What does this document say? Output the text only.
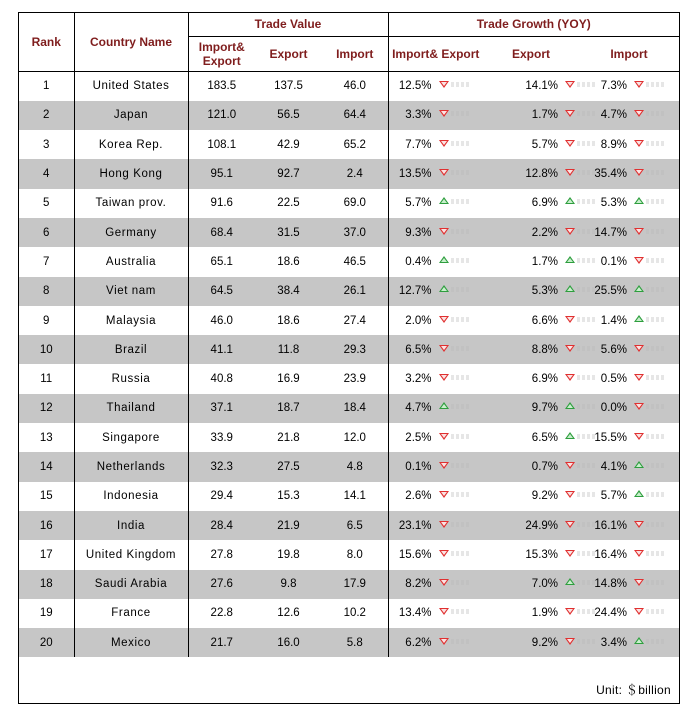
Rank	Country Name	Trade Value			Trade Growth (YOY)		
		Import& Export	Export	Import	Import& Export	Export	Import
1	United States	183.5	137.5	46.0	12.5%	14.1%	7.3%

2	Japan	121.0	56.5	64.4	3.3%	1.7%	4.7%

3	Korea Rep.	108.1	42.9	65.2	7.7%	5.7%	8.9%

4	Hong Kong	95.1	92.7	2.4	13.5%	12.8%	35.4%

5	Taiwan prov.	91.6	22.5	69.0	5.7%	6.9%	5.3%

6	Germany	68.4	31.5	37.0	9.3%	2.2%	14.7%

7	Australia	65.1	18.6	46.5	0.4%	1.7%	0.1%

8	Viet nam	64.5	38.4	26.1	12.7%	5.3%	25.5%

9	Malaysia	46.0	18.6	27.4	2.0%	6.6%	1.4%

10	Brazil	41.1	11.8	29.3	6.5%	8.8%	5.6%

11	Russia	40.8	16.9	23.9	3.2%	6.9%	0.5%

12	Thailand	37.1	18.7	18.4	4.7%	9.7%	0.0%

13	Singapore	33.9	21.8	12.0	2.5%	6.5%	15.5%

14	Netherlands	32.3	27.5	4.8	0.1%	0.7%	4.1%

15	Indonesia	29.4	15.3	14.1	2.6%	9.2%	5.7%

16	India	28.4	21.9	6.5	23.1%	24.9%	16.1%

17	United Kingdom	27.8	19.8	8.0	15.6%	15.3%	16.4%

18	Saudi Arabia	27.6	9.8	17.9	8.2%	7.0%	14.8%

19	France	22.8	12.6	10.2	13.4%	1.9%	24.4%

20	Mexico	21.7	16.0	5.8	6.2%	9.2%	3.4%
Unit: ＄billion
